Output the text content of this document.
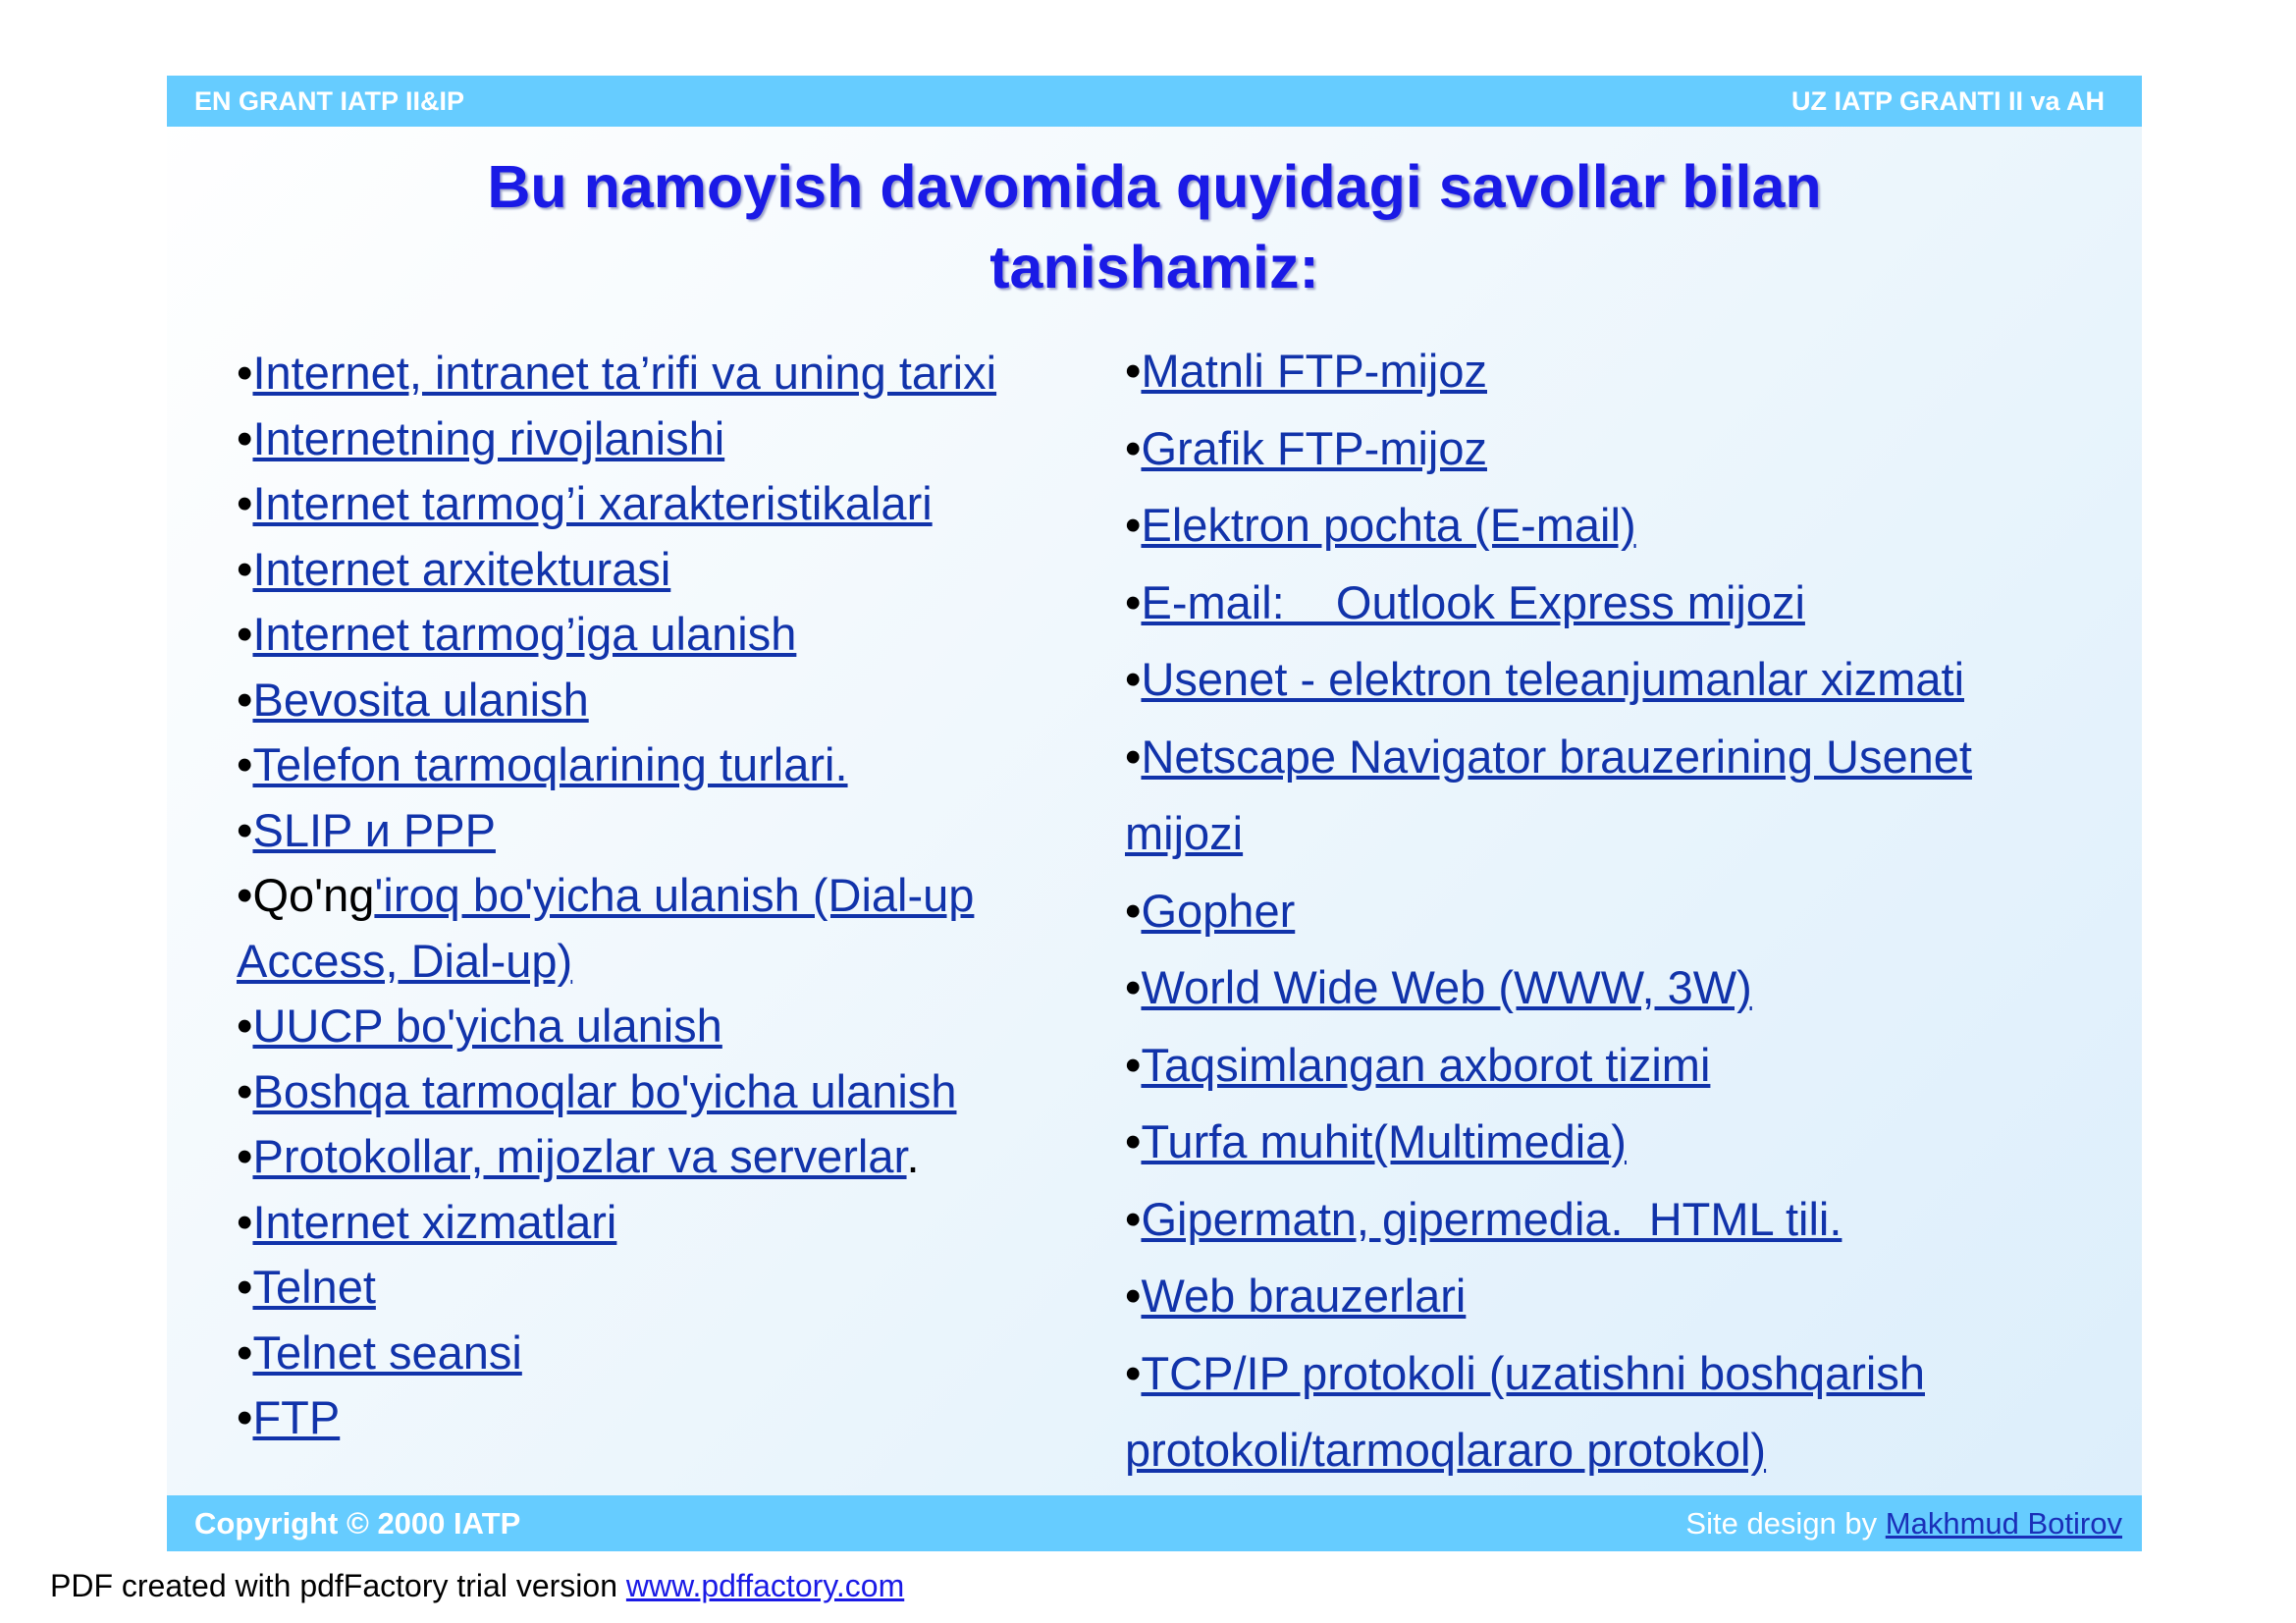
EN GRANT IATP II&IP	UZ IATP GRANTI II va AH
Bu namoyish davomida quyidagi savollar bilan
tanishamiz:
•Internet, intranet ta’rifi va uning tarixi
•Internetning rivojlanishi
•Internet tarmog’i xarakteristikalari
•Internet arxitekturasi
•Internet tarmog’iga ulanish
•Bevosita ulanish
•Telefon tarmoqlarining turlari.
•SLIP и PPP
•Qo'ng'iroq bo'yicha ulanish (Dial-up
Access, Dial-up)
•UUCP bo'yicha ulanish
•Boshqa tarmoqlar bo'yicha ulanish
•Protokollar, mijozlar va serverlar.
•Internet xizmatlari
•Telnet
•Telnet seansi
•FTP
•Matnli FTP-mijoz
•Grafik FTP-mijoz
•Elektron pochta (E-mail)
•E-mail:    Outlook Express mijozi
•Usenet - elektron teleanjumanlar xizmati
•Netscape Navigator brauzerining Usenet
mijozi
•Gopher
•World Wide Web (WWW, 3W)
•Taqsimlangan axborot tizimi
•Turfa muhit(Multimedia)
•Gipermatn, gipermedia.  HTML tili.
•Web brauzerlari
•TCP/IP protokoli (uzatishni boshqarish
protokoli/tarmoqlararo protokol)
Copyright © 2000 IATP	Site design by Makhmud Botirov
PDF created with pdfFactory trial version www.pdffactory.com
